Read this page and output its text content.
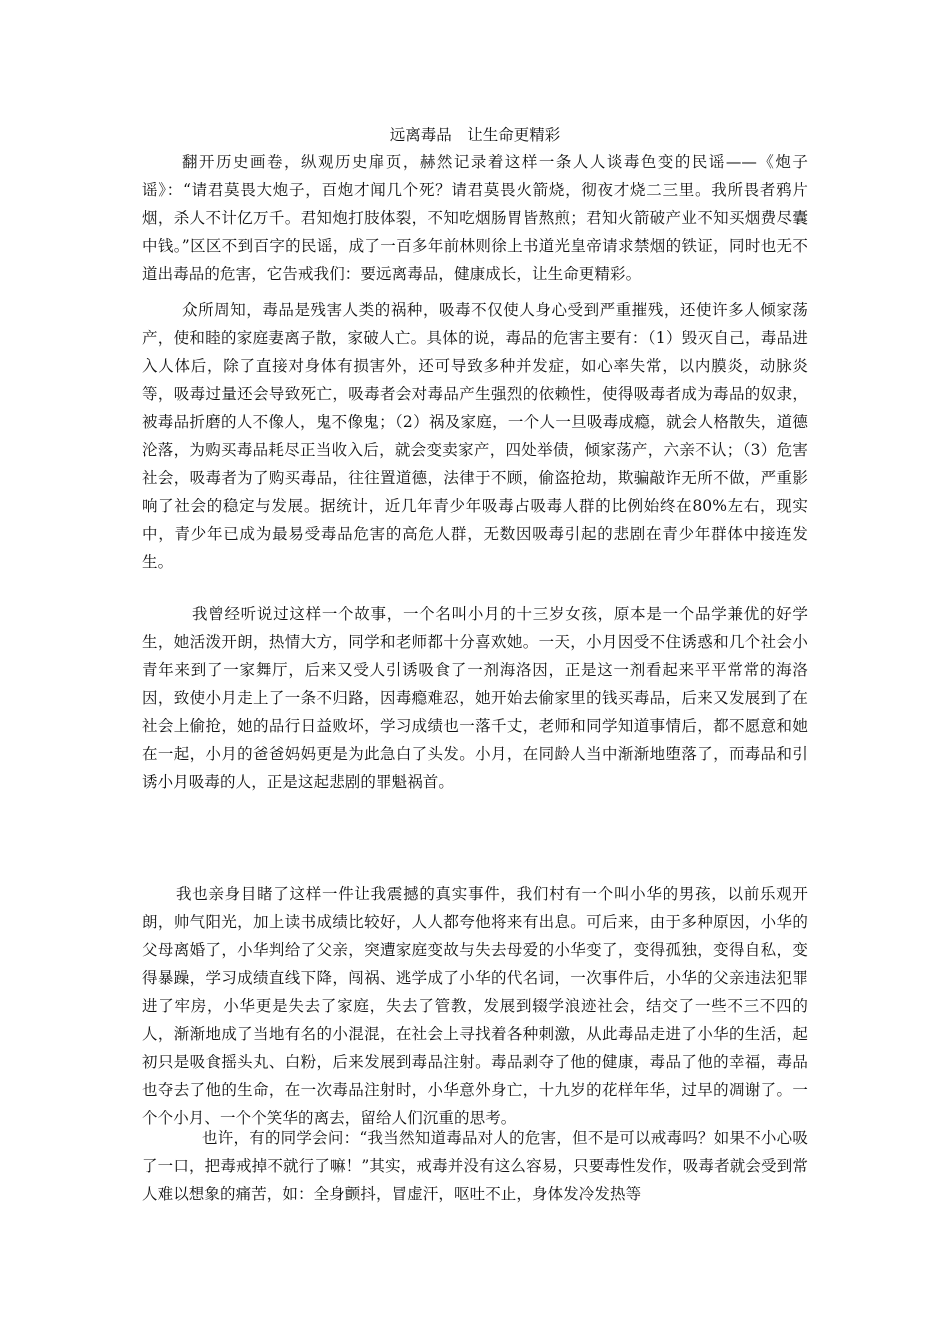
远离毒品　让生命更精彩

翻开历史画卷，纵观历史扉页，赫然记录着这样一条人人谈毒色变的民谣——《炮子谣》：“请君莫畏大炮子，百炮才闻几个死？请君莫畏火箭烧，彻夜才烧二三里。我所畏者鸦片烟，杀人不计亿万千。君知炮打肢体裂，不知吃烟肠胃皆熬煎；君知火箭破产业不知买烟费尽囊中钱。”区区不到百字的民谣，成了一百多年前林则徐上书道光皇帝请求禁烟的铁证，同时也无不道出毒品的危害，它告戒我们：要远离毒品，健康成长，让生命更精彩。

众所周知，毒品是残害人类的祸种，吸毒不仅使人身心受到严重摧残，还使许多人倾家荡产，使和睦的家庭妻离子散，家破人亡。具体的说，毒品的危害主要有：（1）毁灭自己，毒品进入人体后，除了直接对身体有损害外，还可导致多种并发症，如心率失常，以内膜炎，动脉炎等，吸毒过量还会导致死亡，吸毒者会对毒品产生强烈的依赖性，使得吸毒者成为毒品的奴隶，被毒品折磨的人不像人，鬼不像鬼；（2）祸及家庭，一个人一旦吸毒成瘾，就会人格散失，道德沦落，为购买毒品耗尽正当收入后，就会变卖家产，四处举债，倾家荡产，六亲不认；（3）危害社会，吸毒者为了购买毒品，往往置道德，法律于不顾，偷盗抢劫，欺骗敲诈无所不做，严重影响了社会的稳定与发展。据统计，近几年青少年吸毒占吸毒人群的比例始终在80%左右，现实中，青少年已成为最易受毒品危害的高危人群，无数因吸毒引起的悲剧在青少年群体中接连发生。

我曾经听说过这样一个故事，一个名叫小月的十三岁女孩，原本是一个品学兼优的好学生，她活泼开朗，热情大方，同学和老师都十分喜欢她。一天，小月因受不住诱惑和几个社会小青年来到了一家舞厅，后来又受人引诱吸食了一剂海洛因，正是这一剂看起来平平常常的海洛因，致使小月走上了一条不归路，因毒瘾难忍，她开始去偷家里的钱买毒品，后来又发展到了在社会上偷抢，她的品行日益败坏，学习成绩也一落千丈，老师和同学知道事情后，都不愿意和她在一起，小月的爸爸妈妈更是为此急白了头发。小月，在同龄人当中渐渐地堕落了，而毒品和引诱小月吸毒的人，正是这起悲剧的罪魁祸首。

我也亲身目睹了这样一件让我震撼的真实事件，我们村有一个叫小华的男孩，以前乐观开朗，帅气阳光，加上读书成绩比较好，人人都夸他将来有出息。可后来，由于多种原因，小华的父母离婚了，小华判给了父亲，突遭家庭变故与失去母爱的小华变了，变得孤独，变得自私，变得暴躁，学习成绩直线下降，闯祸、逃学成了小华的代名词，一次事件后，小华的父亲违法犯罪进了牢房，小华更是失去了家庭，失去了管教，发展到辍学浪迹社会，结交了一些不三不四的人，渐渐地成了当地有名的小混混，在社会上寻找着各种刺激，从此毒品走进了小华的生活，起初只是吸食摇头丸、白粉，后来发展到毒品注射。毒品剥夺了他的健康，毒品了他的幸福，毒品也夺去了他的生命，在一次毒品注射时，小华意外身亡，十九岁的花样年华，过早的凋谢了。一个个小月、一个个笑华的离去，留给人们沉重的思考。

也许，有的同学会问：“我当然知道毒品对人的危害，但不是可以戒毒吗？如果不小心吸了一口，把毒戒掉不就行了嘛！”其实，戒毒并没有这么容易，只要毒性发作，吸毒者就会受到常人难以想象的痛苦，如：全身颤抖，冒虚汗，呕吐不止，身体发冷发热等
